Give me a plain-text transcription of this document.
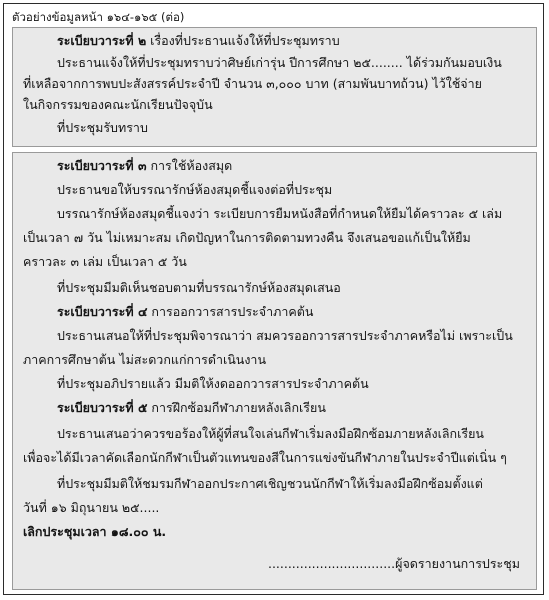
ตัวอย่างข้อมูลหน้า ๑๖๔-๑๖๕ (ต่อ)
ระเบียบวาระที่ ๒ เรื่องที่ประธานแจ้งให้ที่ประชุมทราบ
ประธานแจ้งให้ที่ประชุมทราบว่าศิษย์เก่ารุ่น ปีการศึกษา ๒๕........ ได้ร่วมกันมอบเงิน
ที่เหลือจากการพบปะสังสรรค์ประจำปี จำนวน ๓,๐๐๐ บาท (สามพันบาทถ้วน) ไว้ใช้จ่าย
ในกิจกรรมของคณะนักเรียนปัจจุบัน
ที่ประชุมรับทราบ
ระเบียบวาระที่ ๓ การใช้ห้องสมุด
ประธานขอให้บรรณารักษ์ห้องสมุดชี้แจงต่อที่ประชุม
บรรณารักษ์ห้องสมุดชี้แจงว่า ระเบียบการยืมหนังสือที่กำหนดให้ยืมได้คราวละ ๕ เล่ม
เป็นเวลา ๗ วัน ไม่เหมาะสม เกิดปัญหาในการติดตามทวงคืน จึงเสนอขอแก้เป็นให้ยืม
คราวละ ๓ เล่ม เป็นเวลา ๕ วัน
ที่ประชุมมีมติเห็นชอบตามที่บรรณารักษ์ห้องสมุดเสนอ
ระเบียบวาระที่ ๔ การออกวารสารประจำภาคต้น
ประธานเสนอให้ที่ประชุมพิจารณาว่า สมควรออกวารสารประจำภาคหรือไม่ เพราะเป็น
ภาคการศึกษาต้น ไม่สะดวกแก่การดำเนินงาน
ที่ประชุมอภิปรายแล้ว มีมติให้งดออกวารสารประจำภาคต้น
ระเบียบวาระที่ ๕ การฝึกซ้อมกีฬาภายหลังเลิกเรียน
ประธานเสนอว่าควรขอร้องให้ผู้ที่สนใจเล่นกีฬาเริ่มลงมือฝึกซ้อมภายหลังเลิกเรียน
เพื่อจะได้มีเวลาคัดเลือกนักกีฬาเป็นตัวแทนของสีในการแข่งขันกีฬาภายในประจำปีแต่เนิ่น ๆ
ที่ประชุมมีมติให้ชมรมกีฬาออกประกาศเชิญชวนนักกีฬาให้เริ่มลงมือฝึกซ้อมตั้งแต่
วันที่ ๑๖ มิถุนายน ๒๕.....
เลิกประชุมเวลา ๑๘.๐๐ น.
................................ผู้จดรายงานการประชุม
